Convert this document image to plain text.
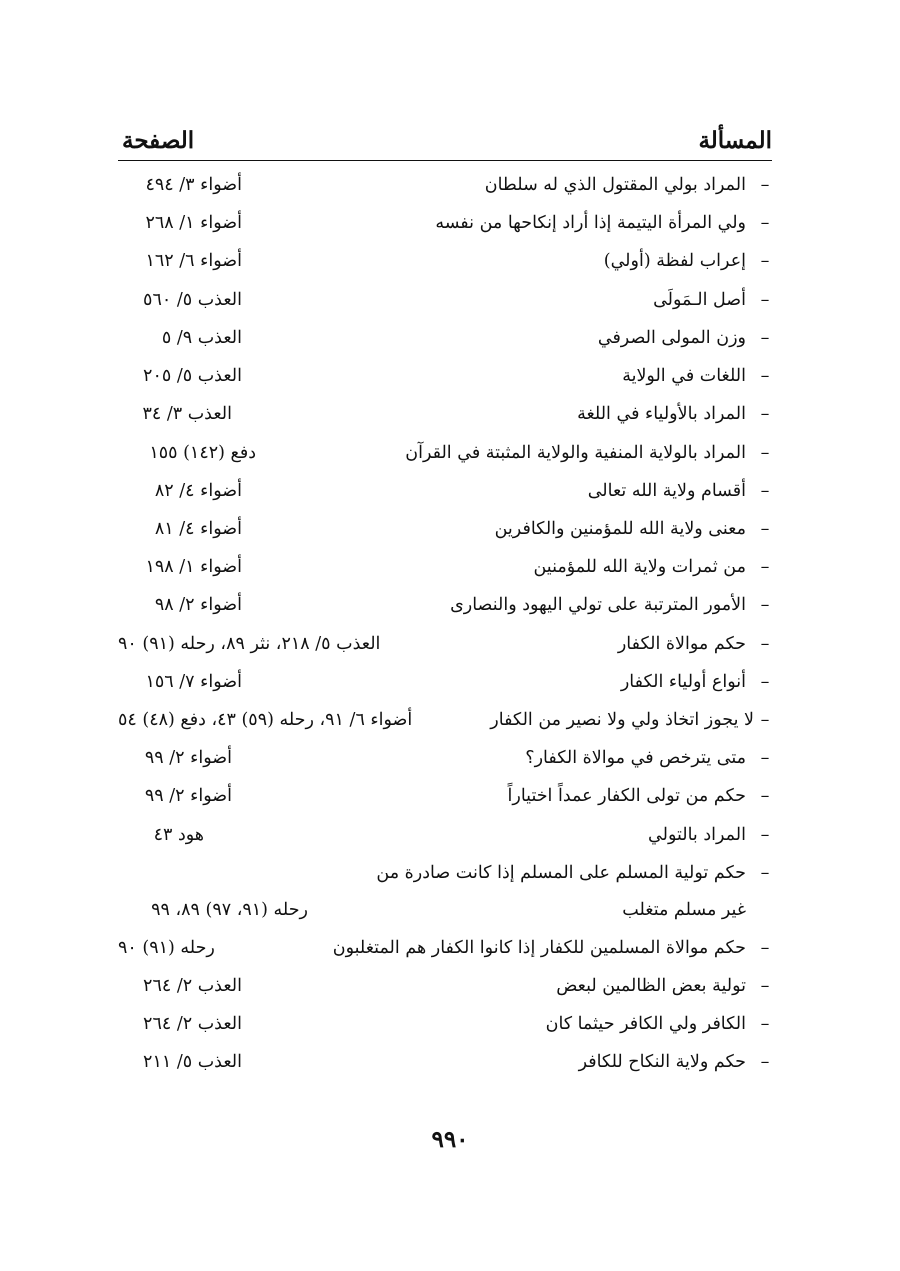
المسألة
الصفحة
–
المراد بولي المقتول الذي له سلطان
أضواء ٣/ ٤٩٤
–
ولي المرأة اليتيمة إذا أراد إنكاحها من نفسه
أضواء ١/ ٢٦٨
–
إعراب لفظة (أولي)
أضواء ٦/ ١٦٢
–
أصل الـمَولَى
العذب ٥/ ٥٦٠
–
وزن المولى الصرفي
العذب ٩/ ٥
–
اللغات في الولاية
العذب ٥/ ٢٠٥
–
المراد بالأولياء في اللغة
العذب ٣/ ٣٤
–
المراد بالولاية المنفية والولاية المثبتة في القرآن
دفع (١٤٢) ١٥٥
–
أقسام ولاية الله تعالى
أضواء ٤/ ٨٢
–
معنى ولاية الله للمؤمنين والكافرين
أضواء ٤/ ٨١
–
من ثمرات ولاية الله للمؤمنين
أضواء ١/ ١٩٨
–
الأمور المترتبة على تولي اليهود والنصارى
أضواء ٢/ ٩٨
–
حكم موالاة الكفار
العذب ٥/ ٢١٨، نثر ٨٩، رحله (٩١) ٩٠
–
أنواع أولياء الكفار
أضواء ٧/ ١٥٦
–
لا يجوز اتخاذ ولي ولا نصير من الكفار
أضواء ٦/ ٩١، رحله (٥٩) ٤٣، دفع (٤٨) ٥٤
–
متى يترخص في موالاة الكفار؟
أضواء ٢/ ٩٩
–
حكم من تولى الكفار عمداً اختياراً
أضواء ٢/ ٩٩
–
المراد بالتولي
هود ٤٣
–
حكم تولية المسلم على المسلم إذا كانت صادرة من
غير مسلم متغلب
رحله (٩١، ٩٧) ٨٩، ٩٩
–
حكم موالاة المسلمين للكفار إذا كانوا الكفار هم المتغلبون
رحله (٩١) ٩٠
–
تولية بعض الظالمين لبعض
العذب ٢/ ٢٦٤
–
الكافر ولي الكافر حيثما كان
العذب ٢/ ٢٦٤
–
حكم ولاية النكاح للكافر
العذب ٥/ ٢١١
٩٩٠
